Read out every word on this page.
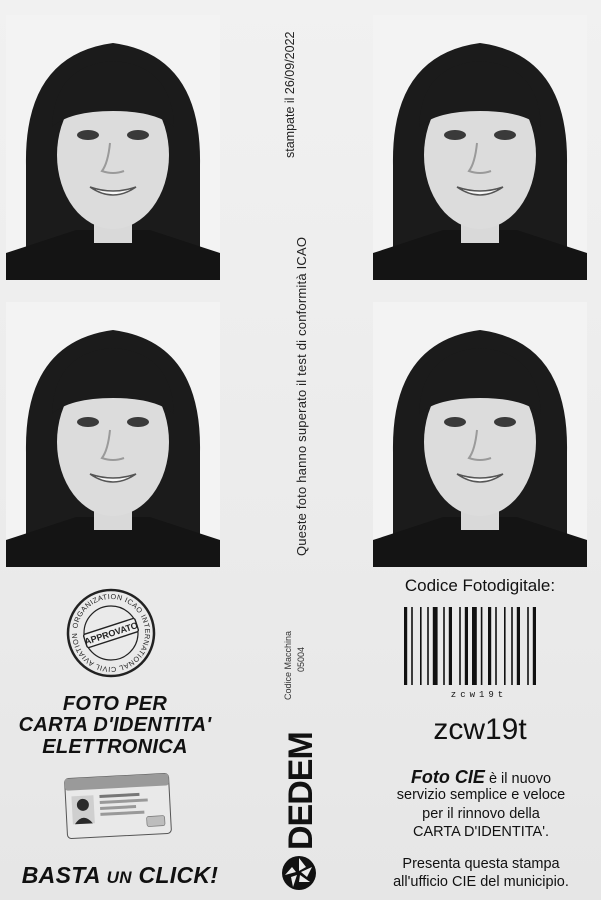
Queste foto hanno superato il test di conformità ICAO
stampate il 26/09/2022
Codice Macchina 05004
ORGANIZATION ICAO INTERNATIONAL CIVIL AVIATION APPROVATO
FOTO PER
CARTA D'IDENTITA'
ELETTRONICA
BASTA UN CLICK!
DEDEM
Codice Fotodigitale:
zcw19t
zcw19t
Foto CIE è il nuovo
servizio semplice e veloce
per il rinnovo della
CARTA D'IDENTITA'.
Presenta questa stampa
all'ufficio CIE del municipio.
